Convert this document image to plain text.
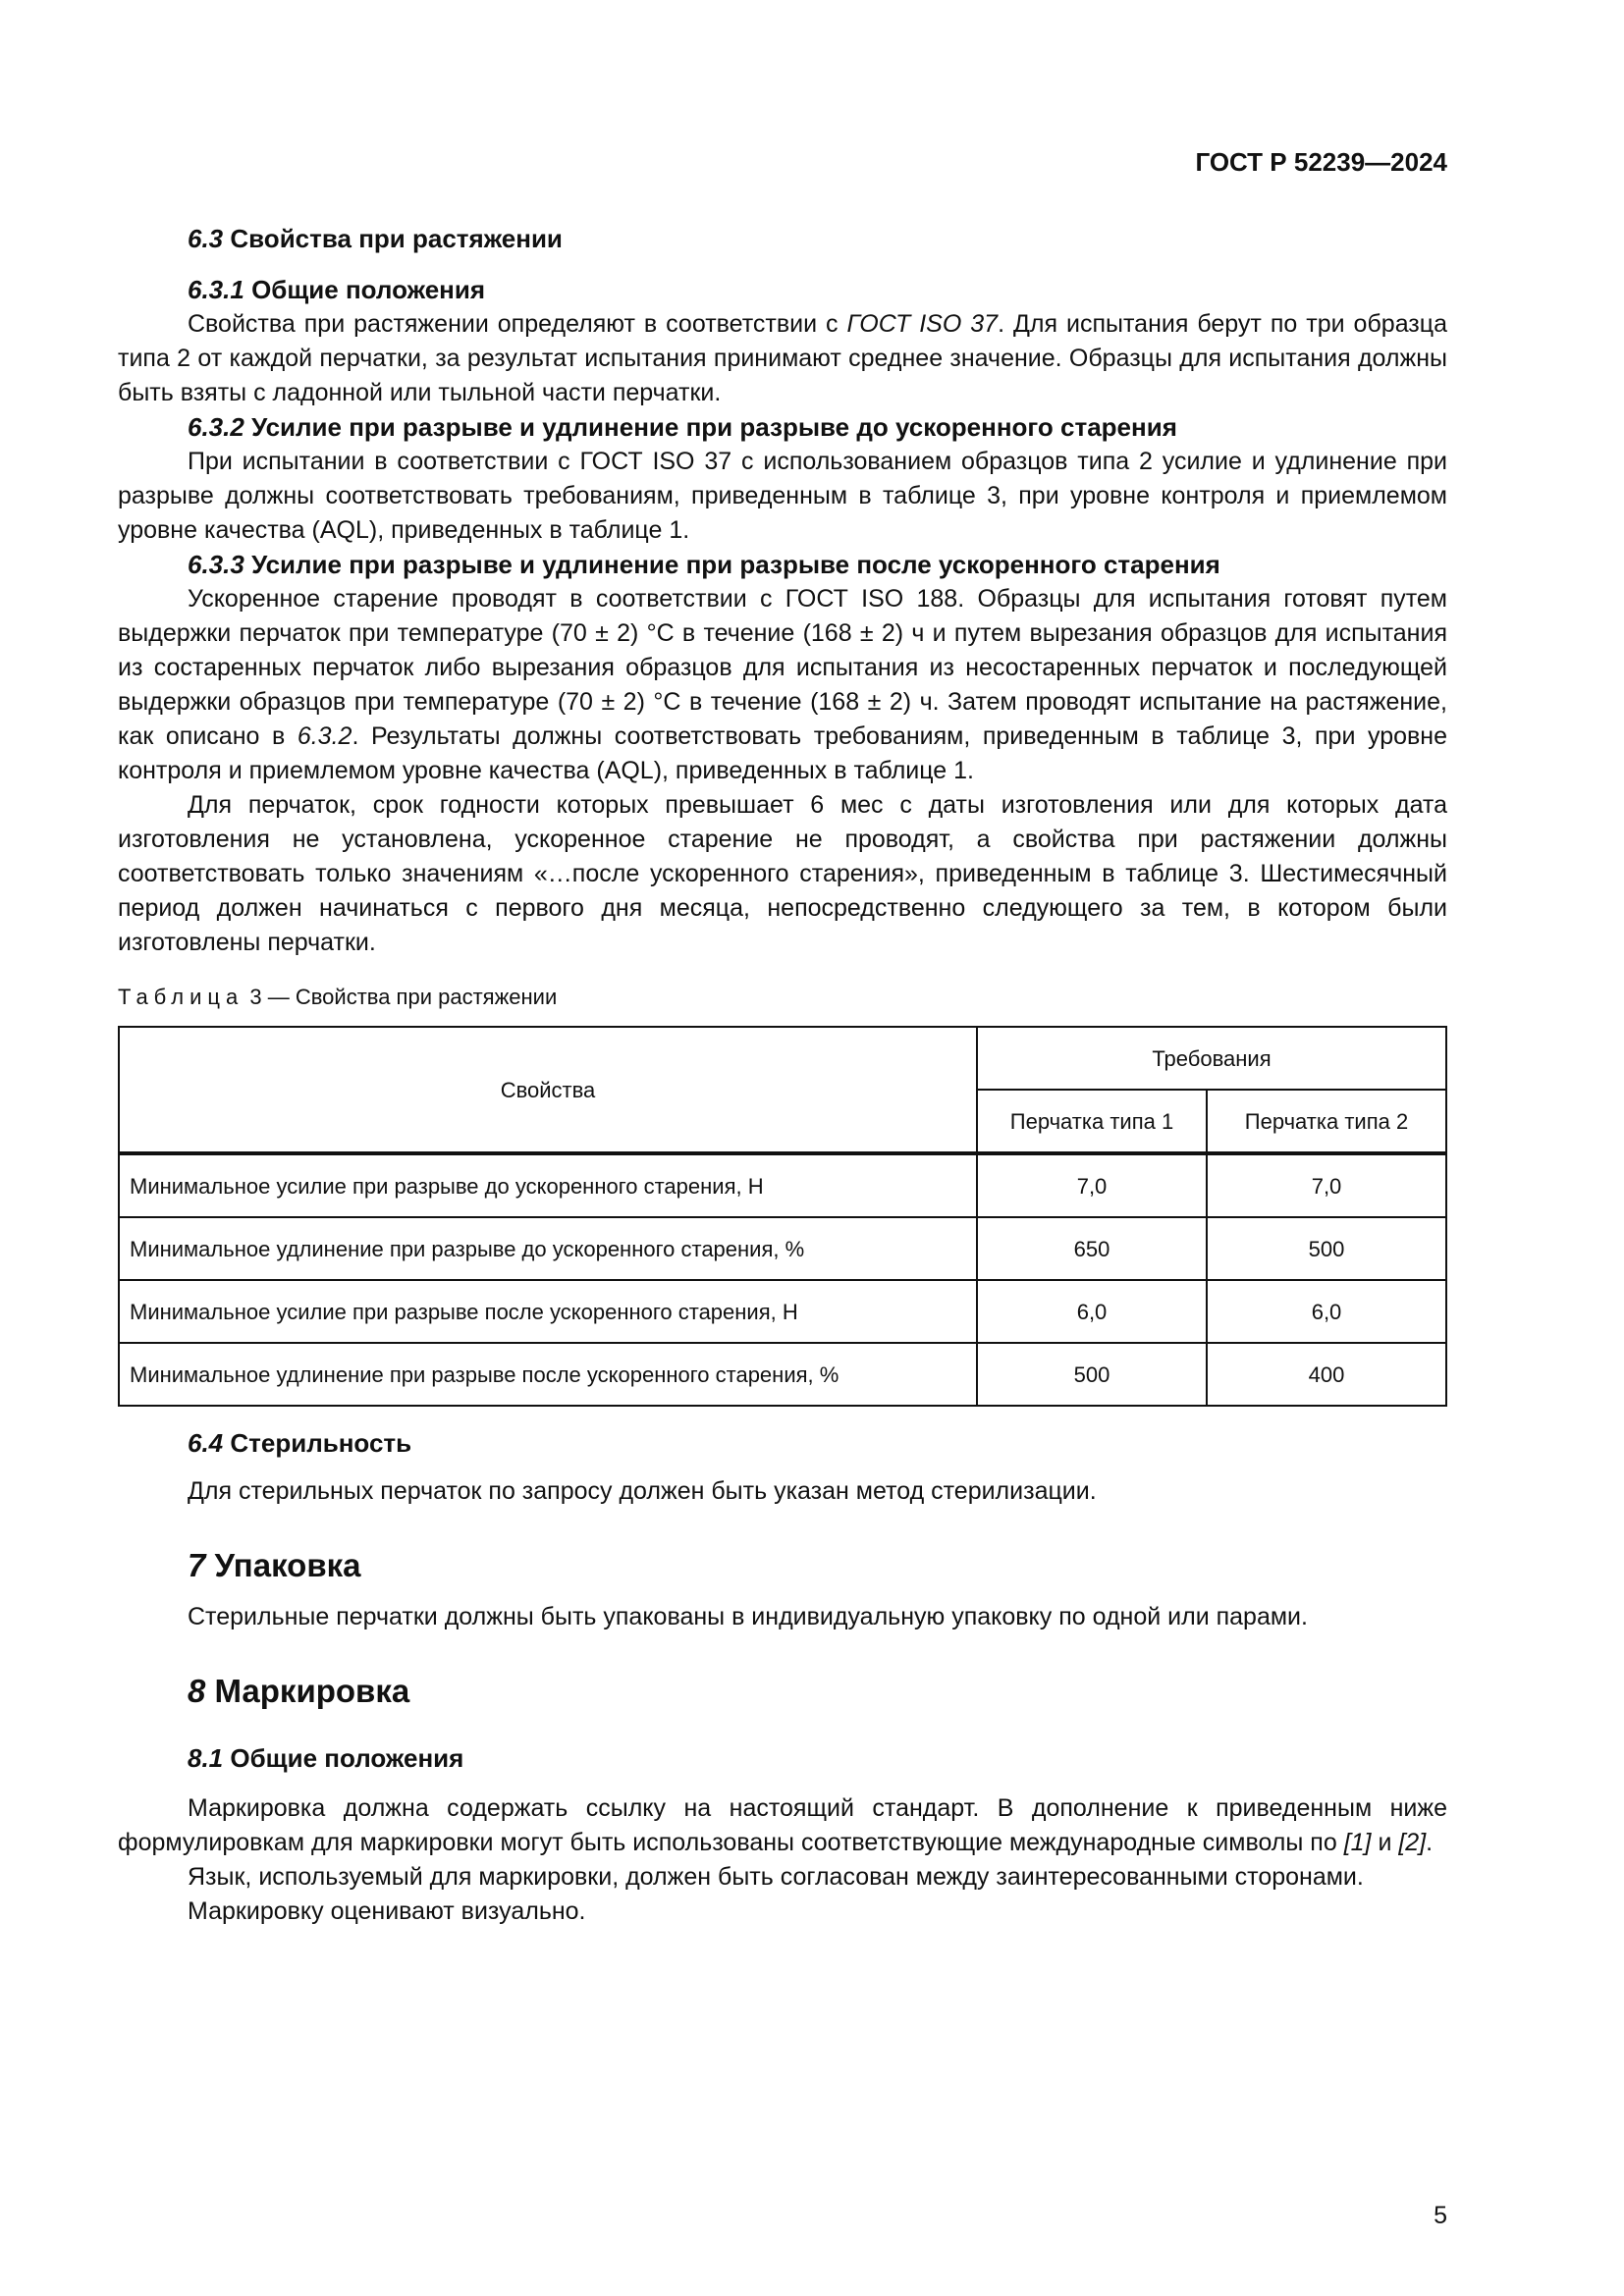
ГОСТ Р 52239—2024
6.3 Свойства при растяжении
6.3.1 Общие положения

Свойства при растяжении определяют в соответствии с ГОСТ ISO 37. Для испытания берут по три образца типа 2 от каждой перчатки, за результат испытания принимают среднее значение. Образцы для испытания должны быть взяты с ладонной или тыльной части перчатки.

6.3.2 Усилие при разрыве и удлинение при разрыве до ускоренного старения

При испытании в соответствии с ГОСТ ISO 37 с использованием образцов типа 2 усилие и удлинение при разрыве должны соответствовать требованиям, приведенным в таблице 3, при уровне контроля и приемлемом уровне качества (AQL), приведенных в таблице 1.

6.3.3 Усилие при разрыве и удлинение при разрыве после ускоренного старения

Ускоренное старение проводят в соответствии с ГОСТ ISO 188. Образцы для испытания готовят путем выдержки перчаток при температуре (70 ± 2) °С в течение (168 ± 2) ч и путем вырезания образцов для испытания из состаренных перчаток либо вырезания образцов для испытания из несостаренных перчаток и последующей выдержки образцов при температуре (70 ± 2) °С в течение (168 ± 2) ч. Затем проводят испытание на растяжение, как описано в 6.3.2. Результаты должны соответствовать требованиям, приведенным в таблице 3, при уровне контроля и приемлемом уровне качества (AQL), приведенных в таблице 1.

Для перчаток, срок годности которых превышает 6 мес с даты изготовления или для которых дата изготовления не установлена, ускоренное старение не проводят, а свойства при растяжении должны соответствовать только значениям «…после ускоренного старения», приведенным в таблице 3. Шестимесячный период должен начинаться с первого дня месяца, непосредственно следующего за тем, в котором были изготовлены перчатки.

Таблица 3 — Свойства при растяжении

Свойства	Требования	
	Перчатка типа 1	Перчатка типа 2
Минимальное усилие при разрыве до ускоренного старения, Н	7,0	7,0
Минимальное удлинение при разрыве до ускоренного старения, %	650	500
Минимальное усилие при разрыве после ускоренного старения, Н	6,0	6,0
Минимальное удлинение при разрыве после ускоренного старения, %	500	400
6.4 Стерильность

Для стерильных перчаток по запросу должен быть указан метод стерилизации.

7 Упаковка

Стерильные перчатки должны быть упакованы в индивидуальную упаковку по одной или парами.

8 Маркировка
8.1 Общие положения

Маркировка должна содержать ссылку на настоящий стандарт. В дополнение к приведенным ниже формулировкам для маркировки могут быть использованы соответствующие международные символы по [1] и [2].

Язык, используемый для маркировки, должен быть согласован между заинтересованными сторонами.

Маркировку оценивают визуально.

5
